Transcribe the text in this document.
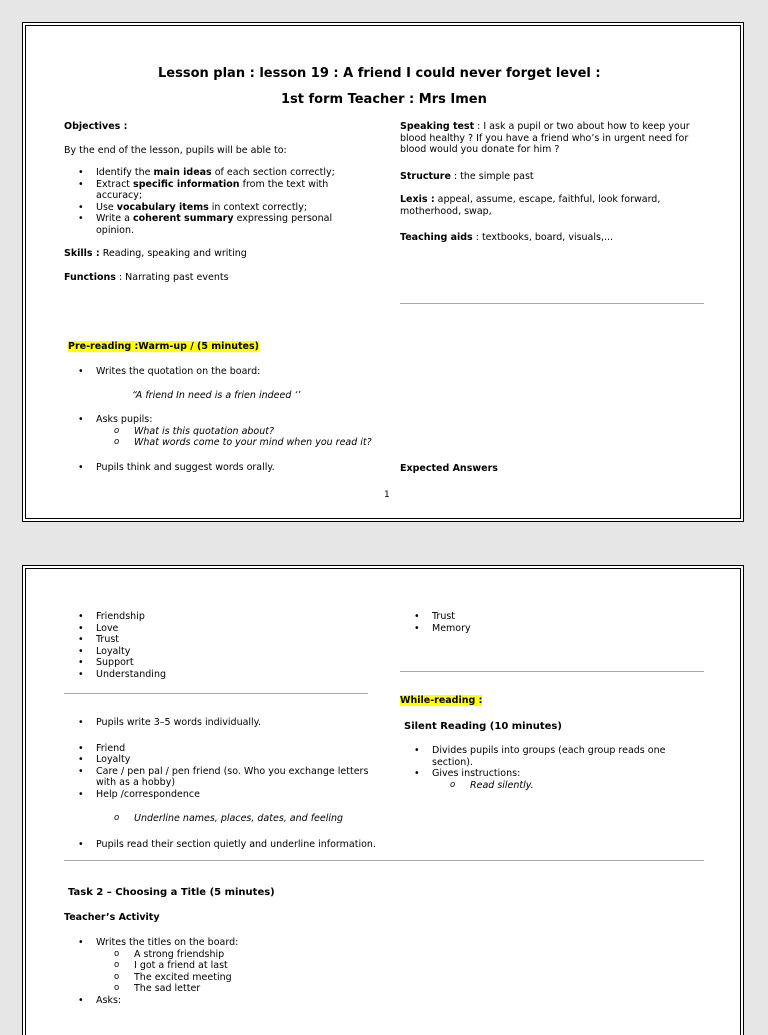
Lesson plan : lesson 19 : A friend I could never forget level :
1st form Teacher : Mrs Imen
Objectives :
By the end of the lesson, pupils will be able to:
• Identify the main ideas of each section correctly;
• Extract specific information from the text with accuracy;
• Use vocabulary items in context correctly;
• Write a coherent summary expressing personal opinion.
Skills : Reading, speaking and writing
Functions : Narrating past events
Speaking test : I ask a pupil or two about how to keep your blood healthy ? If you have a friend who’s in urgent need for blood would you donate for him ?
Structure : the simple past
Lexis : appeal, assume, escape, faithful, look forward, motherhood, swap,
Teaching aids : textbooks, board, visuals,...
Pre-reading :Warm-up / (5 minutes)
• Writes the quotation on the board:
“A friend In need is a frien indeed ‘’
• Asks pupils:
o What is this quotation about?
o What words come to your mind when you read it?
• Pupils think and suggest words orally.	Expected Answers
1
• Friendship
• Love
• Trust
• Loyalty
• Support
• Understanding
• Trust
• Memory
While-reading :
• Pupils write 3–5 words individually.
• Friend
• Loyalty
• Care / pen pal / pen friend (so. Who you exchange letters with as a hobby)
• Help /correspondence
o Underline names, places, dates, and feeling
Silent Reading (10 minutes)
• Divides pupils into groups (each group reads one section).
• Gives instructions:
o Read silently.
• Pupils read their section quietly and underline information.
Task 2 – Choosing a Title (5 minutes)
Teacher’s Activity
• Writes the titles on the board:
o A strong friendship
o I got a friend at last
o The excited meeting
o The sad letter
• Asks:
